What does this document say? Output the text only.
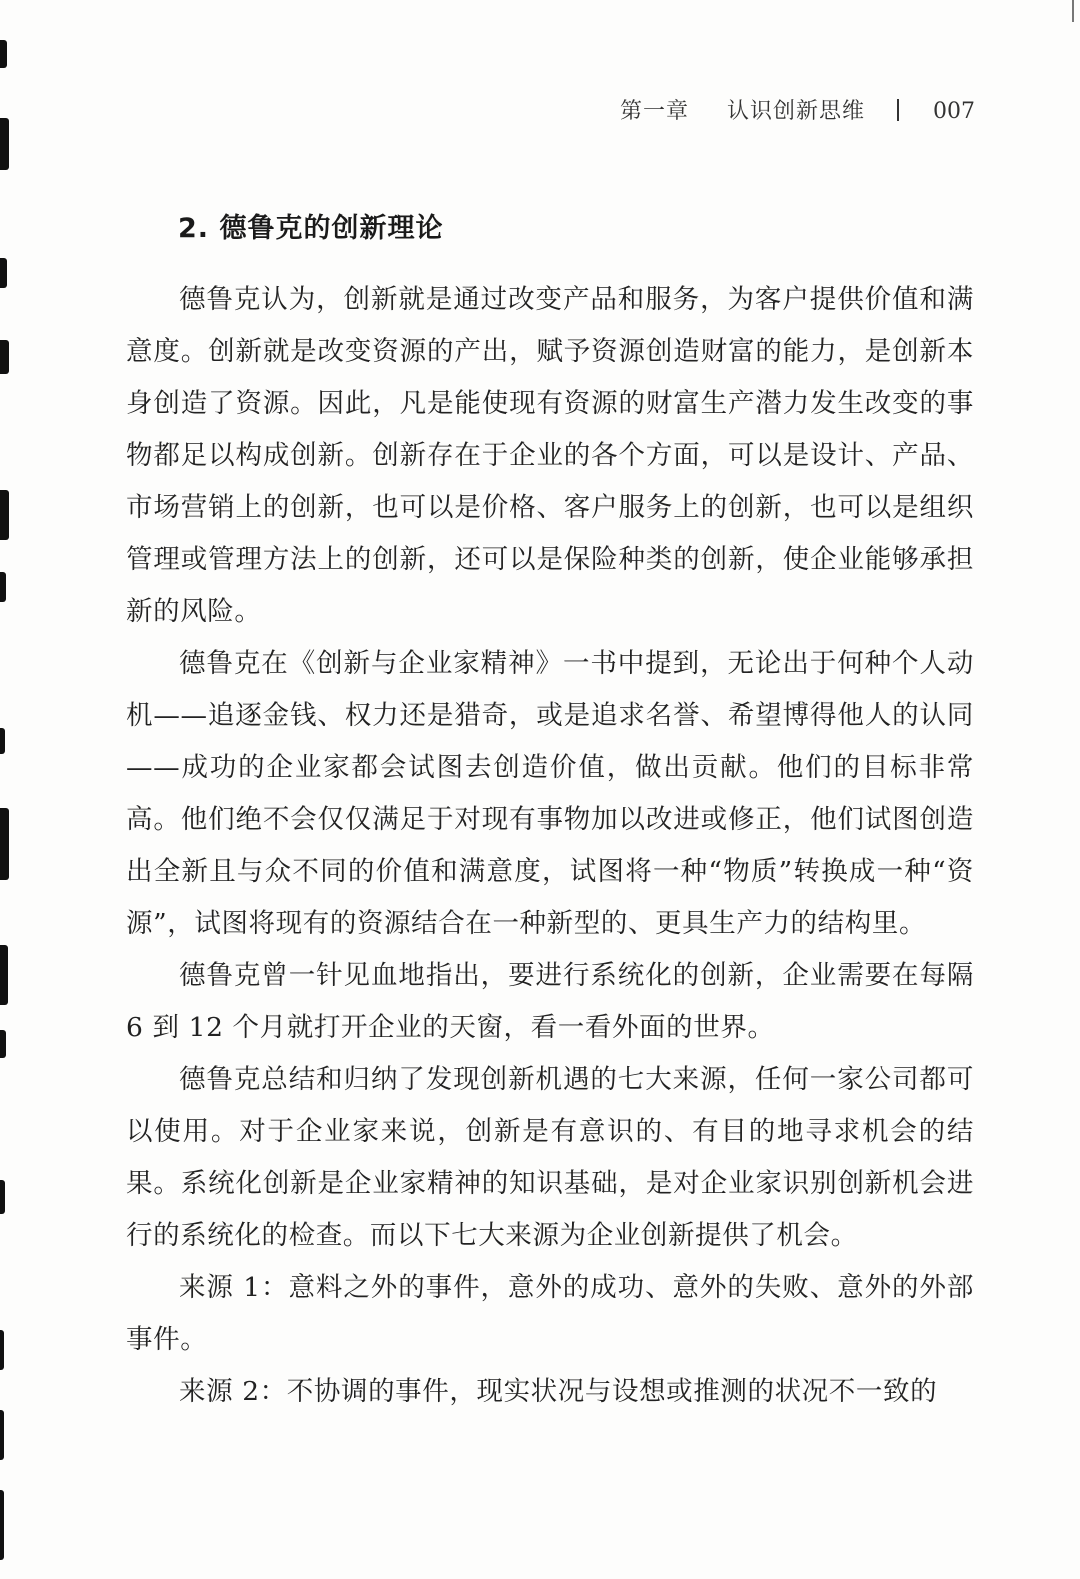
第一章 认识创新思维	007
2. 德鲁克的创新理论

德鲁克认为，创新就是通过改变产品和服务，为客户提供价值和满意度。创新就是改变资源的产出，赋予资源创造财富的能力，是创新本身创造了资源。因此，凡是能使现有资源的财富生产潜力发生改变的事物都足以构成创新。创新存在于企业的各个方面，可以是设计、产品、市场营销上的创新，也可以是价格、客户服务上的创新，也可以是组织管理或管理方法上的创新，还可以是保险种类的创新，使企业能够承担新的风险。

德鲁克在《创新与企业家精神》一书中提到，无论出于何种个人动机——追逐金钱、权力还是猎奇，或是追求名誉、希望博得他人的认同——成功的企业家都会试图去创造价值，做出贡献。他们的目标非常高。他们绝不会仅仅满足于对现有事物加以改进或修正，他们试图创造出全新且与众不同的价值和满意度，试图将一种“物质”转换成一种“资源”，试图将现有的资源结合在一种新型的、更具生产力的结构里。

德鲁克曾一针见血地指出，要进行系统化的创新，企业需要在每隔 6 到 12 个月就打开企业的天窗，看一看外面的世界。

德鲁克总结和归纳了发现创新机遇的七大来源，任何一家公司都可以使用。对于企业家来说，创新是有意识的、有目的地寻求机会的结果。系统化创新是企业家精神的知识基础，是对企业家识别创新机会进行的系统化的检查。而以下七大来源为企业创新提供了机会。

来源 1：意料之外的事件，意外的成功、意外的失败、意外的外部事件。

来源 2：不协调的事件，现实状况与设想或推测的状况不一致的
